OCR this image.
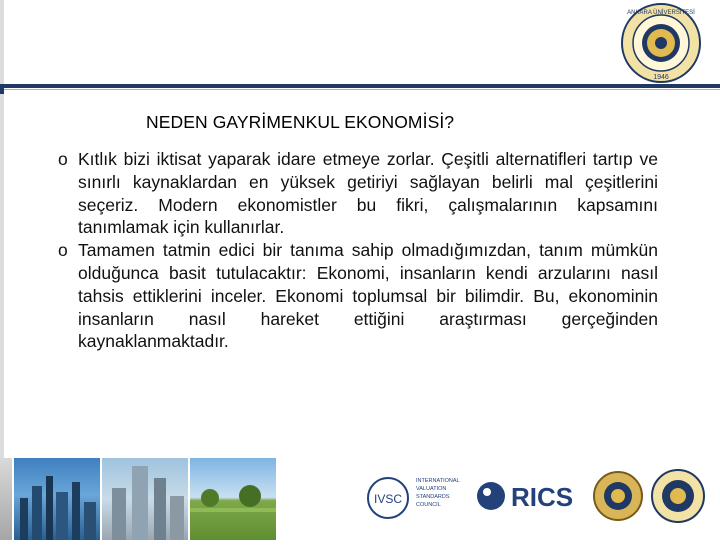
ANKARA ÜNİVERSİTESİ
1946
NEDEN GAYRİMENKUL EKONOMİSİ?
o Kıtlık bizi iktisat yaparak idare etmeye zorlar. Çeşitli alternatifleri tartıp ve sınırlı kaynaklardan en yüksek getiriyi sağlayan belirli mal çeşitlerini seçeriz. Modern ekonomistler bu fikri, çalışmalarının kapsamını tanımlamak için kullanırlar.
o Tamamen tatmin edici bir tanıma sahip olmadığımızdan, tanım mümkün olduğunca basit tutulacaktır: Ekonomi, insanların kendi arzularını nasıl tahsis ettiklerini inceler. Ekonomi toplumsal bir bilimdir. Bu, ekonominin insanların nasıl hareket ettiğini araştırması gerçeğinden kaynaklanmaktadır.
IVSC
INTERNATIONAL
VALUATION
STANDARDS
COUNCIL	RICS
